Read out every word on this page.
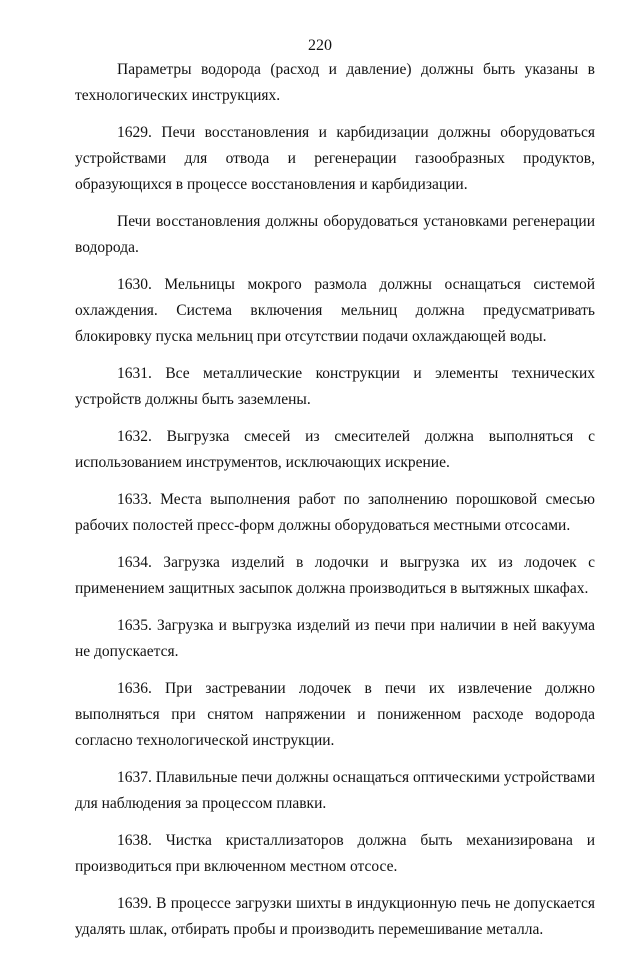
220

Параметры водорода (расход и давление) должны быть указаны в технологических инструкциях.

1629. Печи восстановления и карбидизации должны оборудоваться устройствами для отвода и регенерации газообразных продуктов, образующихся в процессе восстановления и карбидизации.

Печи восстановления должны оборудоваться установками регенерации водорода.

1630. Мельницы мокрого размола должны оснащаться системой охлаждения. Система включения мельниц должна предусматривать блокировку пуска мельниц при отсутствии подачи охлаждающей воды.

1631. Все металлические конструкции и элементы технических устройств должны быть заземлены.

1632. Выгрузка смесей из смесителей должна выполняться с использованием инструментов, исключающих искрение.

1633. Места выполнения работ по заполнению порошковой смесью рабочих полостей пресс-форм должны оборудоваться местными отсосами.

1634. Загрузка изделий в лодочки и выгрузка их из лодочек с применением защитных засыпок должна производиться в вытяжных шкафах.

1635. Загрузка и выгрузка изделий из печи при наличии в ней вакуума не допускается.

1636. При застревании лодочек в печи их извлечение должно выполняться при снятом напряжении и пониженном расходе водорода согласно технологической инструкции.

1637. Плавильные печи должны оснащаться оптическими устройствами для наблюдения за процессом плавки.

1638. Чистка кристаллизаторов должна быть механизирована и производиться при включенном местном отсосе.

1639. В процессе загрузки шихты в индукционную печь не допускается удалять шлак, отбирать пробы и производить перемешивание металла.
